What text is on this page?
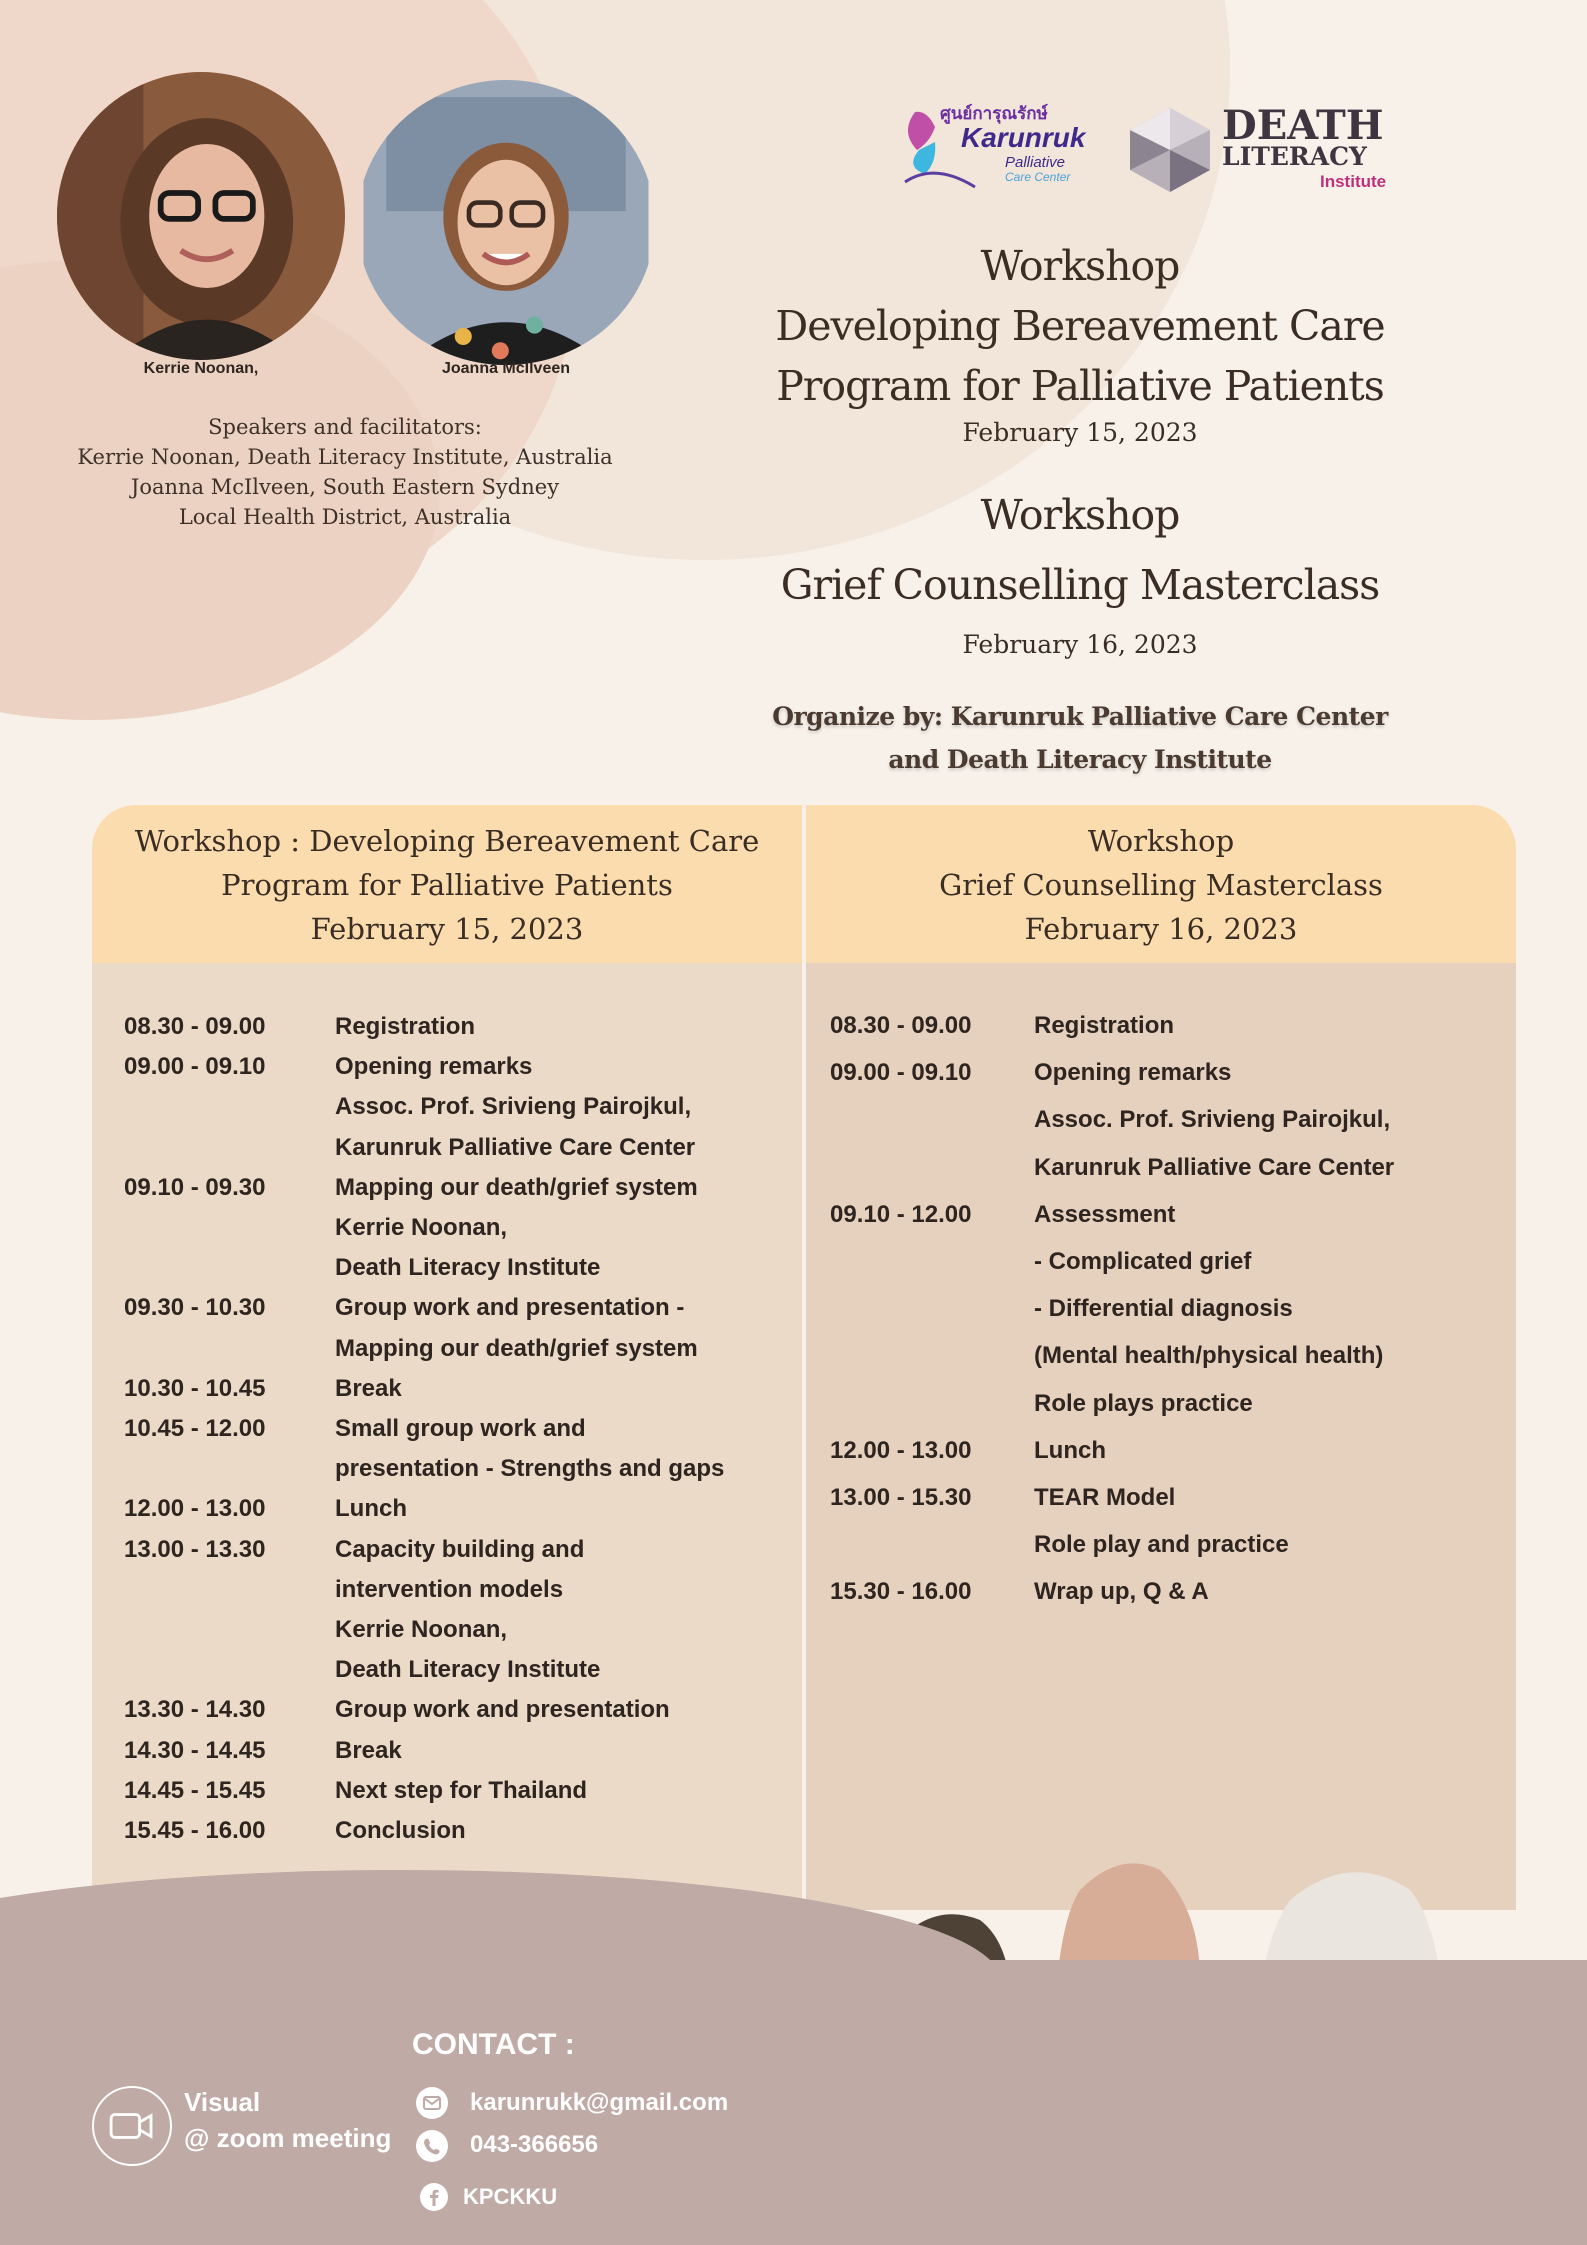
Kerrie Noonan,	Joanna McIlveen
Speakers and facilitators:
Kerrie Noonan, Death Literacy Institute, Australia
Joanna McIlveen, South Eastern Sydney
Local Health District, Australia
ศูนย์การุณรักษ์
Karunruk
Palliative
Care Center
DEATH
LITERACY
Institute
Workshop
Developing Bereavement Care
Program for Palliative Patients
February 15, 2023
Workshop
Grief Counselling Masterclass
February 16, 2023
Organize by: Karunruk Palliative Care Center
and Death Literacy Institute
Workshop : Developing Bereavement Care
Program for Palliative Patients
February 15, 2023
Workshop
Grief Counselling Masterclass
February 16, 2023
08.30 - 09.00	Registration
09.00 - 09.10	Opening remarks
Assoc. Prof. Srivieng Pairojkul,
Karunruk Palliative Care Center
09.10 - 09.30	Mapping our death/grief system
Kerrie Noonan,
Death Literacy Institute
09.30 - 10.30	Group work and presentation -
Mapping our death/grief system
10.30 - 10.45	Break
10.45 - 12.00	Small group work and
presentation - Strengths and gaps
12.00 - 13.00	Lunch
13.00 - 13.30	Capacity building and
intervention models
Kerrie Noonan,
Death Literacy Institute
13.30 - 14.30	Group work and presentation
14.30 - 14.45	Break
14.45 - 15.45	Next step for Thailand
15.45 - 16.00	Conclusion
08.30 - 09.00	Registration
09.00 - 09.10	Opening remarks
Assoc. Prof. Srivieng Pairojkul,
Karunruk Palliative Care Center
09.10 - 12.00	Assessment
- Complicated grief
- Differential diagnosis
(Mental health/physical health)
Role plays practice
12.00 - 13.00	Lunch
13.00 - 15.30	TEAR Model
Role play and practice
15.30 - 16.00	Wrap up, Q & A
Visual
@ zoom meeting
CONTACT :
karunrukk@gmail.com
043-366656
KPCKKU
